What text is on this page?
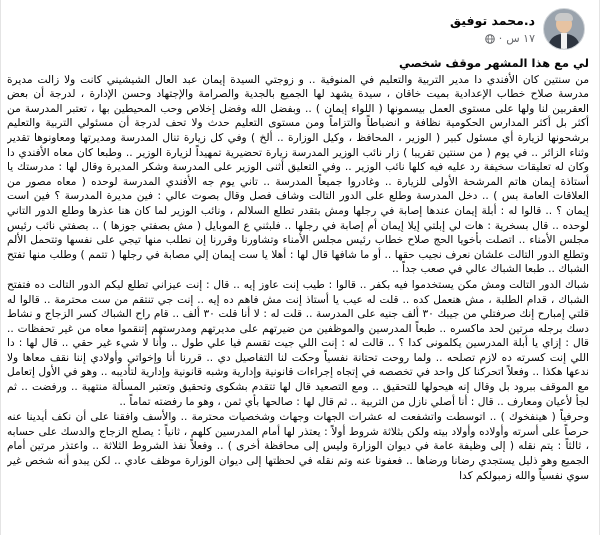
د.محمد توفيق
١٧ س
·

لي مع هذا المشهر موقف شخصي

من سنتين كان الأفندي دا مدير التربية والتعليم في المنوفية .. و زوجتي السيدة إيمان عبد العال الشيشيني كانت ولا زالت مديرة مدرسة صلاح خطاب الإعدادية بميت خاقان ، سيدة يشهد لها الجميع بالجدية والصرامة والإجتهاد وحسن الإدارة ، لدرجة أن بعض العقربين لنا ولها على مستوى العمل بيسمونها ( اللواء إيمان ) .. وبفضل الله وفضل إخلاص وحب المحيطين بها ، تعتبر المدرسة من أكثر بل أكثر المدارس الحكومية نظافة و انضباطاً والتزاماً ومن مستوى التعليم حدث ولا تحف لدرجة أن مسئولي التربية والتعليم برشحونها لزيارة أي مسئول كبير ( الوزير ، المحافظ ، وكيل الوزارة .. ألخ ) وفي كل زيارة تنال المدرسة ومديرتها ومعاونوها تقدير وثناء الزائر .. في يوم ( من سنتين تقريبا ) زار نائب الوزير المدرسة زيارة تحضيرية تمهيداً لزيارة الوزير .. وطبعا كان معاه الأفندي دا وكان له تعليقات سخيفة رد عليه فيه كلها نائب الوزير .. وفي التعليق أثنى الوزير على المدرسة وشكر المديرة وقال لها : مدرستك يا أستاذة إيمان هاتم المرشحة الأولى للزيارة .. وغادروا جميعاً المدرسة .. تاني يوم جه الأفندي المدرسة لوحده ( معاه مصور من العلاقات العامة بس ) .. دخل المدرسة وطلع على الدور التالت وشاف فصل وقال بصوت عالي : فين مديرة المدرسة ؟ فين است إيمان ؟ .. قالوا له : أبلة إيمان عندها إصابة في رجلها ومش بتقدر تطلع السلالم ، ونائب الوزير لما كان هنا عذرها وطلع الدور التاني لوحده .. قال بسخرية : هات لي إبلتي إيلا إيمان أم إصابة في رجلها .. فلبثني ع الموبايل ( مش بصفتي جوزها ) .. بصفتي نائب رئيس مجلس الأمناء .. اتصلت بأخويا الحج صلاح خطاب رئيس مجلس الأمناء وتشاورنا وقررنا إن نطلب منها تيجي على نفسها وتتحمل الألم وتطلع الدور التالت علشان نعرف نجيب حقها .. أو ما شافها قال لها : أهلا يا ست إيمان إلي مصابة في رجلها ( تتمم ) وطلب منها تفتح الشباك .. طبعا الشباك عالي في صعب جداً ..

شباك الدور التالت ومش مكن يستخدموا فيه بكفر .. قالوا : طيب إنت عاوز إيه .. قال : إنت عيزاني تطلع ليكم الدور التالت ده فتفتح الشباك ، قدام الطلبة ، مش هنعمل كده .. قلت له عيب يا أستاذ إنت مش فاهم ده إيه .. إنت جي تنتقم من ست محترمة .. قالوا له قلتي إمبارح إنك صرفتلي من جيبك ٣٠ ألف جنيه على المدرسة .. قلت له : لا أنا قلت ٣٠ ألف .. قام راح الشباك كسر الزجاج و نشاط دسك برجله مرتين لحد ماكسره .. طبعاً المدرسين والموظفين من ضيرتهم على مديرتهم ومدرستهم إتنقموا معاه من غير تحفظات .. قال : إزاي يا أبلة المدرسين يكلمونى كدا ؟ .. قالت له : إنت اللي جيت تقسم فيا علي طول .. وأنا لا شيء غير حقي .. قال لها : دا اللي إنت كسرته ده لازم تصلحه .. ولما روحت تحتانة نفسياً وحكت لنا التفاصيل دي .. قررنا أنا وإخواتي وأولادي إننا نقف معاها ولا ندعها هكذا .. وفعلاً اتحركنا كل واحد في تخصصه في إتجاه إجراءات قانونية وإدارية وشبه قانونية وإدارية لتأديبه .. وهو في الأول إتعامل مع الموقف ببرود بل وقال إنه هيحولها للتحقيق .. ومع التصعيد قال لها تتقدم بشكوى وتحقيق وتعتبر المسألة منتهية .. ورفضت .. ثم لجأ لأعيان ومعارف .. قال : أنا أصلي نازل من التربية .. ثم قال لها : صالحها بأي ثمن ، وهو ما رفضته تماماً ..

وحرفياً ( هينفخوك ) .. اتوسطت واتشفعت له عشرات الجهات وجهات وشخصيات محترمة .. والأسف وافقنا على أن نكف أيدينا عنه حرصاً على أسرته وأولاده وأولاد بيته ولكن بثلاثة شروط أولاً : يعتذر لها أمام المدرسين كلهم ، ثانياً : يصلح الزجاج والدسك على حسابه ، ثالثاً : يتم نقله ( إلى وظيفة عامة في ديوان الوزارة وليس إلى محافظة أخرى ) .. وفعلاً نفذ الشروط الثلاثة .. واعتذر مرتين أمام الجميع وهو ذليل يستجدي رضانا ورضاها .. فعفونا عنه وتم نقله في لحظتها إلى ديوان الوزارة موظف عادي .. لكن يبدو أنه شخص غير سوي نفسياً والله زمبولكم كدا
